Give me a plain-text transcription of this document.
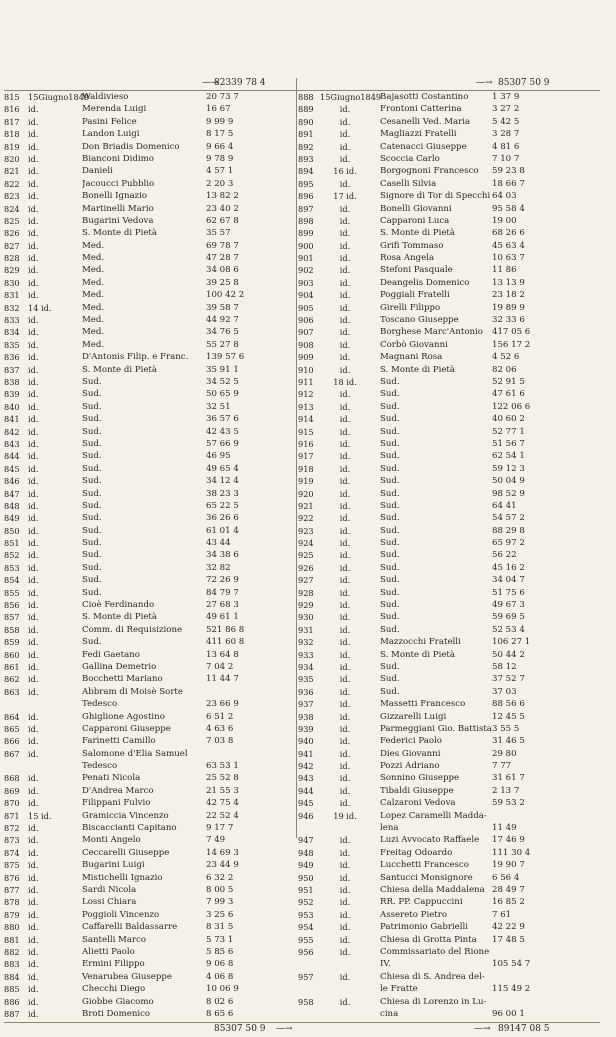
—→
82339 78 4
815	15Giugno1849
Waldivieso	20 73 7
816	id.	Merenda Luigi	16 67
817	id.	Pasini Felice	9 99 9
818	id.	Landon Luigi	8 17 5
819	id.	Don Briadis Domenico	9 66 4
820	id.	Bianconi Didimo	9 78 9
821	id.	Danieli	4 57 1
822	id.	Jacoucci Pubblio	2 20 3
823	id.	Bonelli Ignazio	13 82 2
824	id.	Martinelli Mario	23 40 2
825	id.	Bugarini Vedova	62 67 8
826	id.	S. Monte di Pietà	35 57
827	id.	Med.	69 78 7
828	id.	Med.	47 28 7
829	id.	Med.	34 08 6
830	id.	Med.	39 25 8
831	id.	Med.	100 42 2
832	14 id.	Med.	39 58 7
833	id.	Med.	44 92 7
834	id.	Med.	34 76 5
835	id.	Med.	55 27 8
836	id.	D'Antonis Filip. e Franc.	139 57 6
837	id.	S. Monte di Pietà	35 91 1
838	id.	Sud.	34 52 5
839	id.	Sud.	50 65 9
840	id.	Sud.	32 51
841	id.	Sud.	36 57 6
842	id.	Sud.	42 43 5
843	id.	Sud.	57 66 9
844	id.	Sud.	46 95
845	id.	Sud.	49 65 4
846	id.	Sud.	34 12 4
847	id.	Sud.	38 23 3
848	id.	Sud.	65 22 5
849	id.	Sud.	36 26 6
850	id.	Sud.	61 01 4
851	id.	Sud.	43 44
852	id.	Sud.	34 38 6
853	id.	Sud.	32 82
854	id.	Sud.	72 26 9
855	id.	Sud.	84 79 7
856	id.	Cioè Ferdinando	27 68 3
857	id.	S. Monte di Pietà	49 61 1
858	id.	Comm. di Requisizione	521 86 8
859	id.	Sud.	411 60 8
860	id.	Fedi Gaetano	13 64 8
861	id.	Gallina Demetrio	7 04 2
862	id.	Bocchetti Mariano	11 44 7
863	id.	Abbram di Moisè Sorte
Tedesco	23 66 9
864	id.	Ghiglione Agostino	6 51 2
865	id.	Capparoni Giuseppe	4 63 6
866	id.	Farinetti Camillo	7 03 8
867	id.	Salomone d'Elia Samuel
Tedesco	63 53 1
868	id.	Penati Nicola	25 52 8
869	id.	D'Andrea Marco	21 55 3
870	id.	Filippani Fulvio	42 75 4
871	15 id.	Gramiccia Vincenzo	22 52 4
872	id.	Biscaccianti Capitano	9 17 7
873	id.	Monti Angelo	7 49
874	id.	Ceccarelli Giuseppe	14 69 3
875	id.	Bugarini Luigi	23 44 9
876	id.	Mistichelli Ignazio	6 32 2
877	id.	Sardi Nicola	8 00 5
878	id.	Lossi Chiara	7 99 3
879	id.	Poggioli Vincenzo	3 25 6
880	id.	Caffarelli Baldassarre	8 31 5
881	id.	Santelli Marco	5 73 1
882	id.	Alietti Paolo	5 85 6
883	id.	Ermini Filippo	9 06 8
884	id.	Venarubea Giuseppe	4 06 8
885	id.	Checchi Diego	10 06 9
886	id.	Giobbe Giacomo	8 02 6
887	id.	Broti Domenico	8 65 6
85307 50 9 —→
—→ 85307 50 9
888 15Giugno1849
Bajasotti Costantino	1 37 9
889	id.	Frontoni Catterina	3 27 2
890	id.	Cesanelli Ved. Maria	5 42 5
891	id.	Magliazzi Fratelli	3 28 7
892	id.	Catenacci Giuseppe	4 81 6
893	id.	Scoccia Carlo	7 10 7
894	16 id.	Borgognoni Francesco	59 23 8
895	id.	Caselli Silvia	18 66 7
896	17 id.	Signore di Tor di Specchi 64 03
897	id.	Bonelli Giovanni	95 58 4
898	id.	Capparoni Luca	19 00
899	id.	S. Monte di Pietà	68 26 6
900	id.	Grifi Tommaso	45 63 4
901	id.	Rosa Angela	10 63 7
902	id.	Stefoni Pasquale	11 86
903	id.	Deangelis Domenico	13 13 9
904	id.	Poggiali Fratelli	23 18 2
905	id.	Girelli Filippo	19 89 9
906	id.	Toscano Giuseppe	32 33 6
907	id.	Borghese Marc'Antonio	417 05 6
908	id.	Corbò Giovanni	156 17 2
909	id.	Magnani Rosa	4 52 6
910	id.	S. Monte di Pietà	82 06
911	18 id.	Sud.	52 91 5
912	id.	Sud.	47 61 6
913	id.	Sud.	122 06 6
914	id.	Sud.	40 60 2
915	id.	Sud.	52 77 1
916	id.	Sud.	51 56 7
917	id.	Sud.	62 54 1
918	id.	Sud.	59 12 3
919	id.	Sud.	50 04 9
920	id.	Sud.	98 52 9
921	id.	Sud.	64 41
922	id.	Sud.	54 57 2
923	id.	Sud.	88 29 8
924	id.	Sud.	65 97 2
925	id.	Sud.	56 22
926	id.	Sud.	45 16 2
927	id.	Sud.	34 04 7
928	id.	Sud.	51 75 6
929	id.	Sud.	49 67 3
930	id.	Sud.	59 69 5
931	id.	Sud.	52 53 4
932	id.	Mazzocchi Fratelli	106 27 1
933	id.	S. Monte di Pietà	50 44 2
934	id.	Sud.	58 12
935	id.	Sud.	37 52 7
936	id.	Sud.	37 03
937	id.	Massetti Francesco	88 56 6
938	id.	Gizzarelli Luigi	12 45 5
939	id.	Parmeggiani Gio. Battista 3 55 5
940	id.	Federici Paolo	31 46 5
941	id.	Dies Giovanni	29 80
942	id.	Pozzi Adriano	7 77
943	id.	Sonnino Giuseppe	31 61 7
944	id.	Tibaldi Giuseppe	2 13 7
945	id.	Calzaroni Vedova	59 53 2
946	19 id.	Lopez Caramelli Madda-
lena	11 49
947	id.	Luzi Avvocato Raffaele	17 46 9
948	id.	Freitag Odoardo	111 30 4
949	id.	Lucchetti Francesco	19 90 7
950	id.	Santucci Monsignore	6 56 4
951	id.	Chiesa della Maddalena 28 49 7
952	id.	RR. PP. Cappuccini	16 85 2
953	id.	Assereto Pietro	7 61
954	id.	Patrimonio Gabrielli	42 22 9
955	id.	Chiesa di Grotta Pinta	17 48 5
956	id.	Commissariato del Rione
IV.	105 54 7
957	id.	Chiesa di S. Andrea del-
le Fratte	115 49 2
958	id.	Chiesa di Lorenzo in Lu-
cina	96 00 1
89147 08 5
—→
